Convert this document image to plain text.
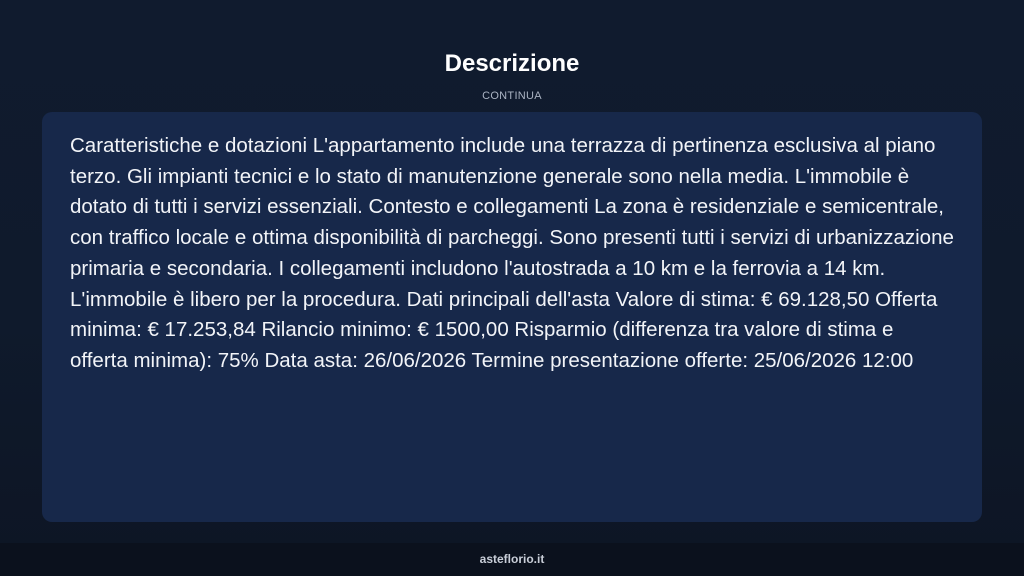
Descrizione
CONTINUA

Caratteristiche e dotazioni L'appartamento include una terrazza di pertinenza esclusiva al piano terzo. Gli impianti tecnici e lo stato di manutenzione generale sono nella media. L'immobile è dotato di tutti i servizi essenziali. Contesto e collegamenti La zona è residenziale e semicentrale, con traffico locale e ottima disponibilità di parcheggi. Sono presenti tutti i servizi di urbanizzazione primaria e secondaria. I collegamenti includono l'autostrada a 10 km e la ferrovia a 14 km. L'immobile è libero per la procedura. Dati principali dell'asta Valore di stima: € 69.128,50 Offerta minima: € 17.253,84 Rilancio minimo: € 1500,00 Risparmio (differenza tra valore di stima e offerta minima): 75% Data asta: 26/06/2026 Termine presentazione offerte: 25/06/2026 12:00

asteflorio.it
